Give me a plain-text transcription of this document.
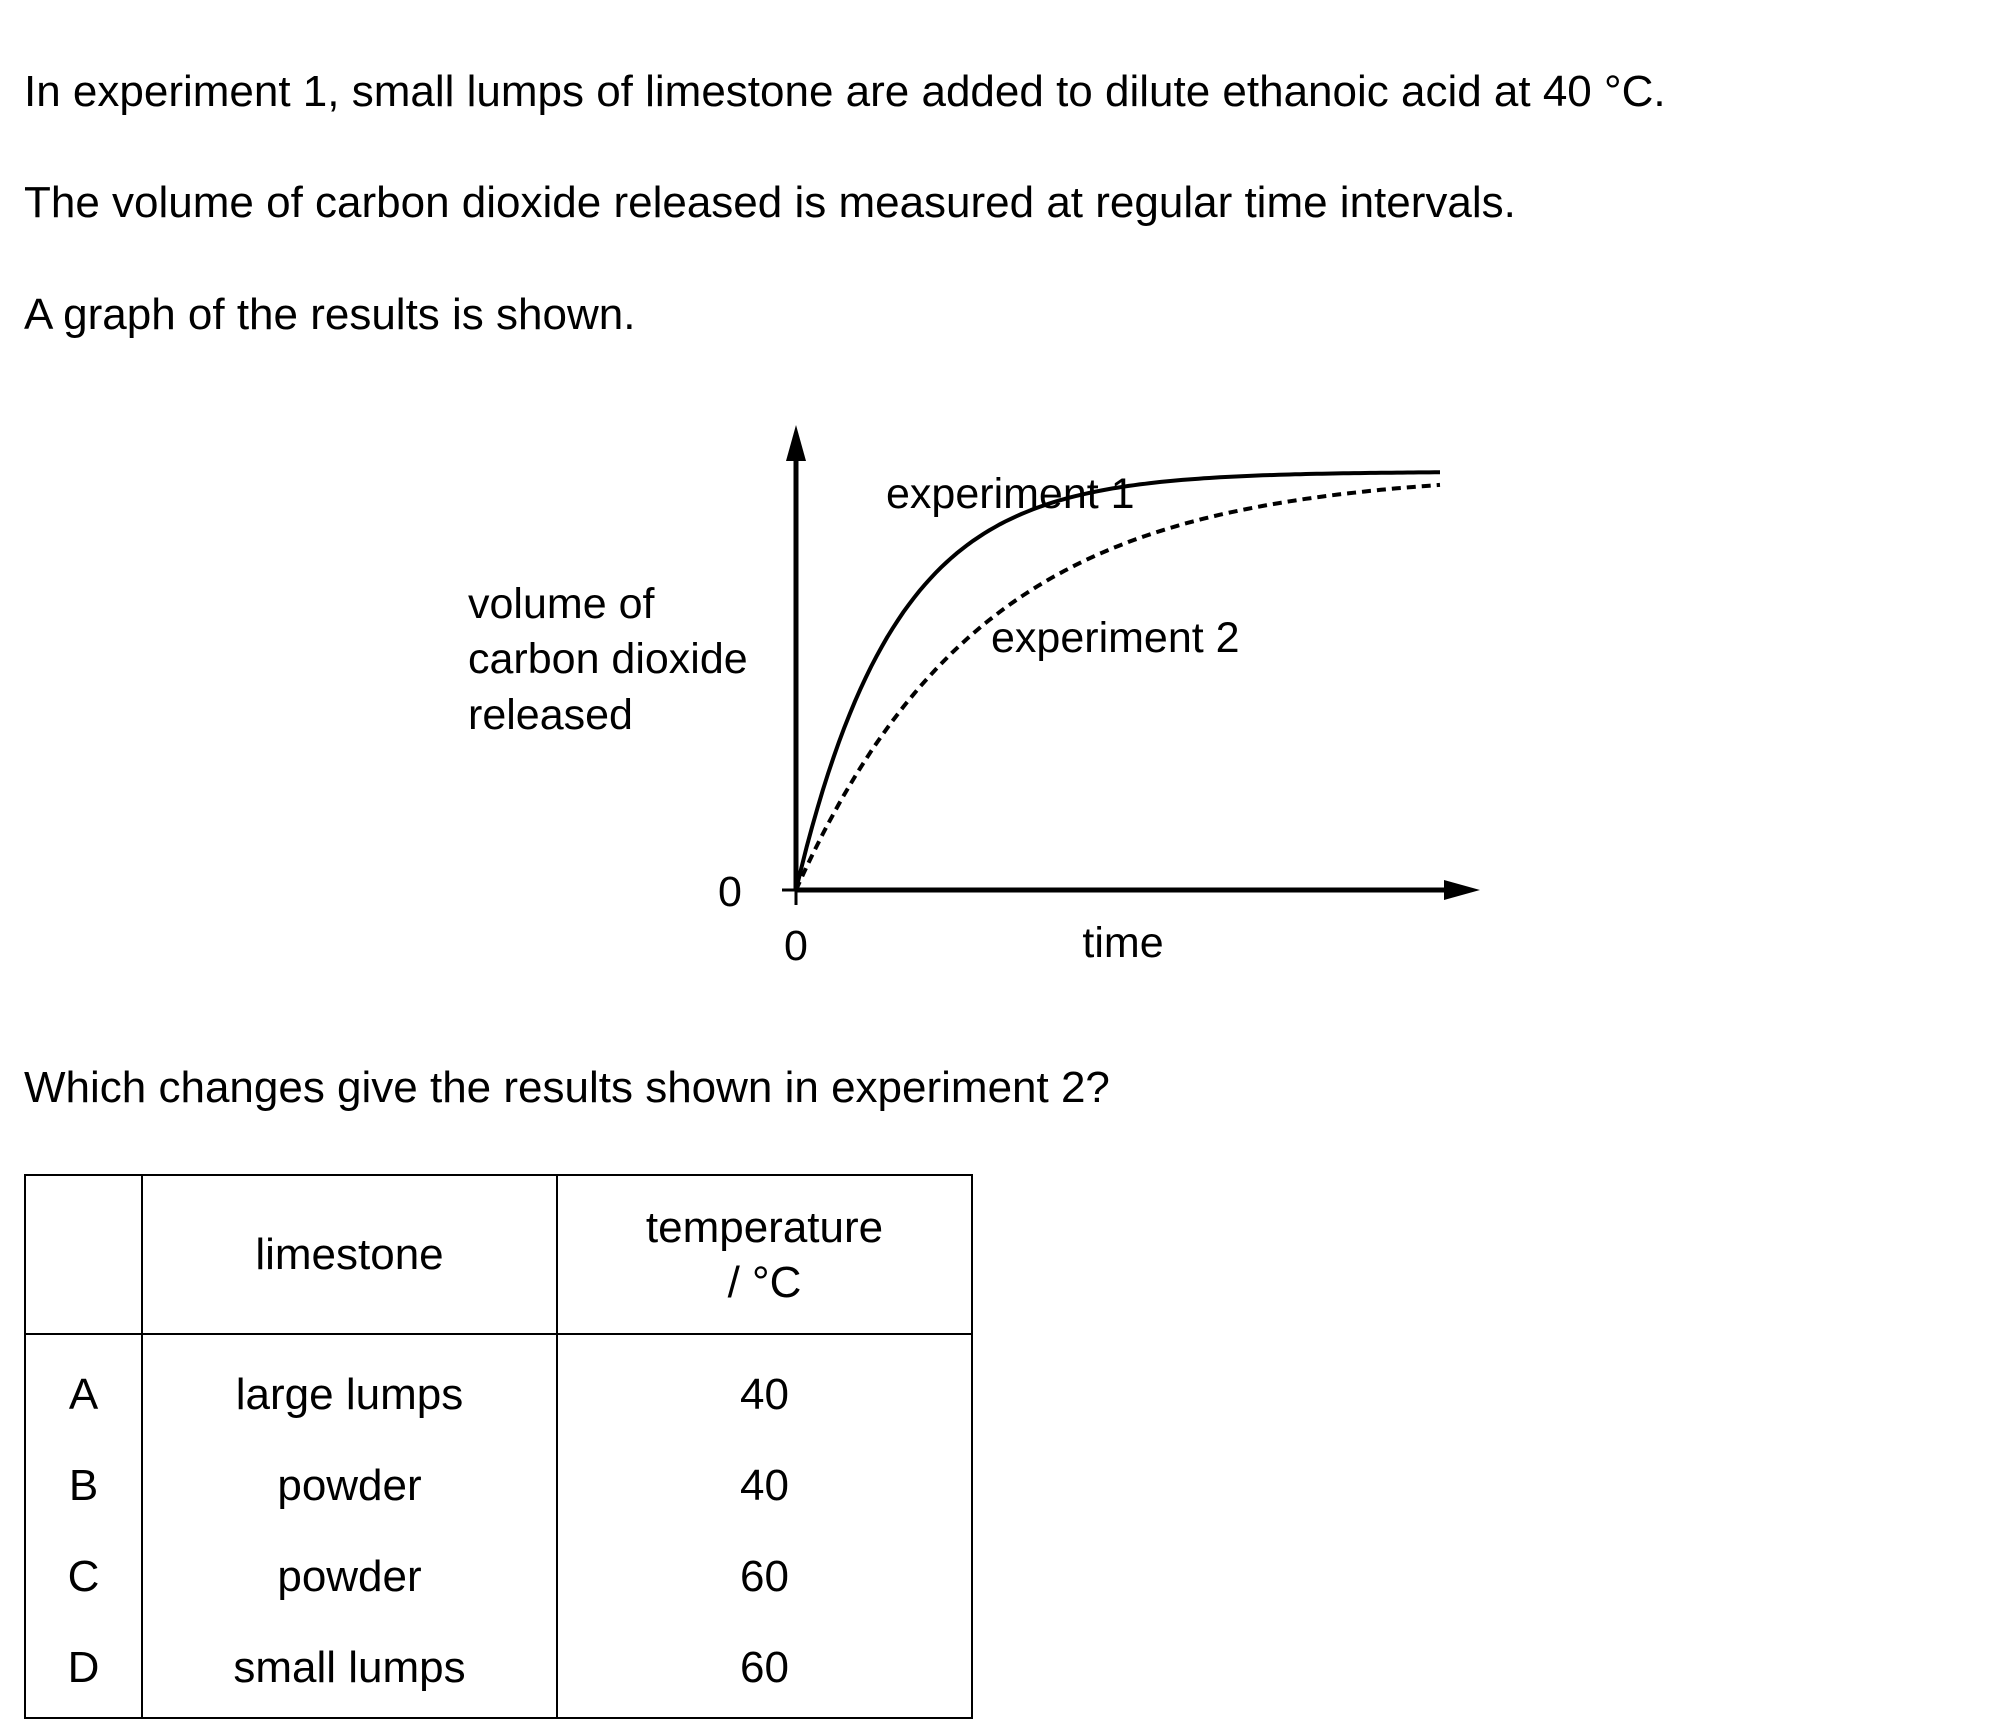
In experiment 1, small lumps of limestone are added to dilute ethanoic acid at 40 °C.

The volume of carbon dioxide released is measured at regular time intervals.

A graph of the results is shown.

volume of
carbon dioxide
released
0
0	time
experiment 1
experiment 2

Which changes give the results shown in experiment 2?

	limestone	temperature
/ °C

A	large lumps	40
B	powder	40
C	powder	60
D	small lumps	60
